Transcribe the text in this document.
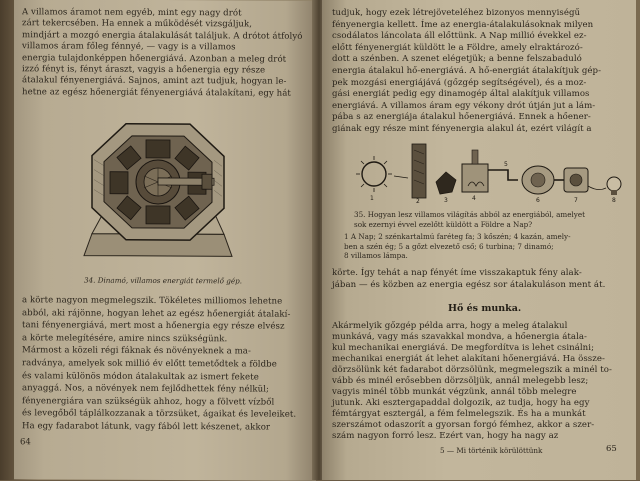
A villamos áramot nem egyéb, mint egy nagy drót
zárt tekercsében. Ha ennek a működését vizsgáljuk,
mindjárt a mozgó energia átalakulását találjuk. A drótot átfolyó
villamos áram főleg fénnyé, — vagy is a villamos
energia tulajdonképpen hőenergiává. Azonban a meleg drót
izzó fényt is, fényt áraszt, vagyis a hőenergia egy része
átalakul fényenergiává. Sajnos, amint azt tudjuk, hogyan le-
hetne az egész hőenergiát fényenergiává átalakítani, egy hát
34. Dinamó, villamos energiát termelő gép.
a körte nagyon megmelegszik. Tökéletes milliomos lehetne
abból, aki rájönne, hogyan lehet az egész hőenergiát átalakí-
tani fényenergiává, mert most a hőenergia egy része elvész
a körte melegítésére, amire nincs szükségünk.
Mármost a közeli régi fáknak és növényeknek a ma-
radványa, amelyek sok millió év előtt temetődtek a földbe
és valami különös módon átalakultak az ismert fekete
anyaggá. Nos, a növények nem fejlődhettek fény nélkül;
fényenergiára van szükségük ahhoz, hogy a fölvett vízből
és levegőből táplálkozzanak a törzsüket, ágaikat és leveleiket.
Ha egy fadarabot látunk, vagy fából lett készenet, akkor
64
tudjuk, hogy ezek létrejöveteléhez bizonyos mennyiségű
fényenergia kellett. Íme az energia-átalakulásoknak milyen
csodálatos láncolata áll előttünk. A Nap millió évekkel ez-
előtt fényenergiát küldött le a Földre, amely elraktározó-
dott a szénben. A szenet elégetjük; a benne felszabaduló
energia átalakul hő-energiává. A hő-energiát átalakítjuk gép-
pek mozgási energiájává (gőzgép segítségével), és a moz-
gási energiát pedig egy dinamogép által alakítjuk villamos
energiává. A villamos áram egy vékony drót útján jut a lám-
pába s az energiája átalakul hőenergiává. Ennek a hőener-
giának egy része mint fényenergia alakul át, ezért világít a
1	2	3	4
5
6	7	8
35. Hogyan lesz villamos világítás abból az energiából, amelyet
sok ezernyi évvel ezelőtt küldött a Földre a Nap?
1 A Nap; 2 szénkartalmú faréteg fa; 3 kőszén; 4 kazán, amely-
ben a szén ég; 5 a gőzt elvezető cső; 6 turbina; 7 dinamó;
8 villamos lámpa.
körte. Így tehát a nap fényét íme visszakaptuk fény alak-
jában — és közben az energia egész sor átalakuláson ment át.
Hő és munka.
Akármelyik gőzgép példa arra, hogy a meleg átalakul
munkává, vagy más szavakkal mondva, a hőenergia átala-
kul mechanikai energiává. De megfordítva is lehet csinálni;
mechanikai energiát át lehet alakítani hőenergiává. Ha össze-
dörzsölünk két fadarabot dörzsölünk, megmelegszik a minél to-
vább és minél erősebben dörzsöljük, annál melegebb lesz;
vagyis minél több munkát végzünk, annál több melegre
jutunk. Aki esztergapaddal dolgozik, az tudja, hogy ha egy
fémtárgyat esztergál, a fém felmelegszik. És ha a munkát
szerszámot odaszorít a gyorsan forgó fémhez, akkor a szer-
szám nagyon forró lesz. Ezért van, hogy ha nagy az
5 — Mi történik körülöttünk	65
